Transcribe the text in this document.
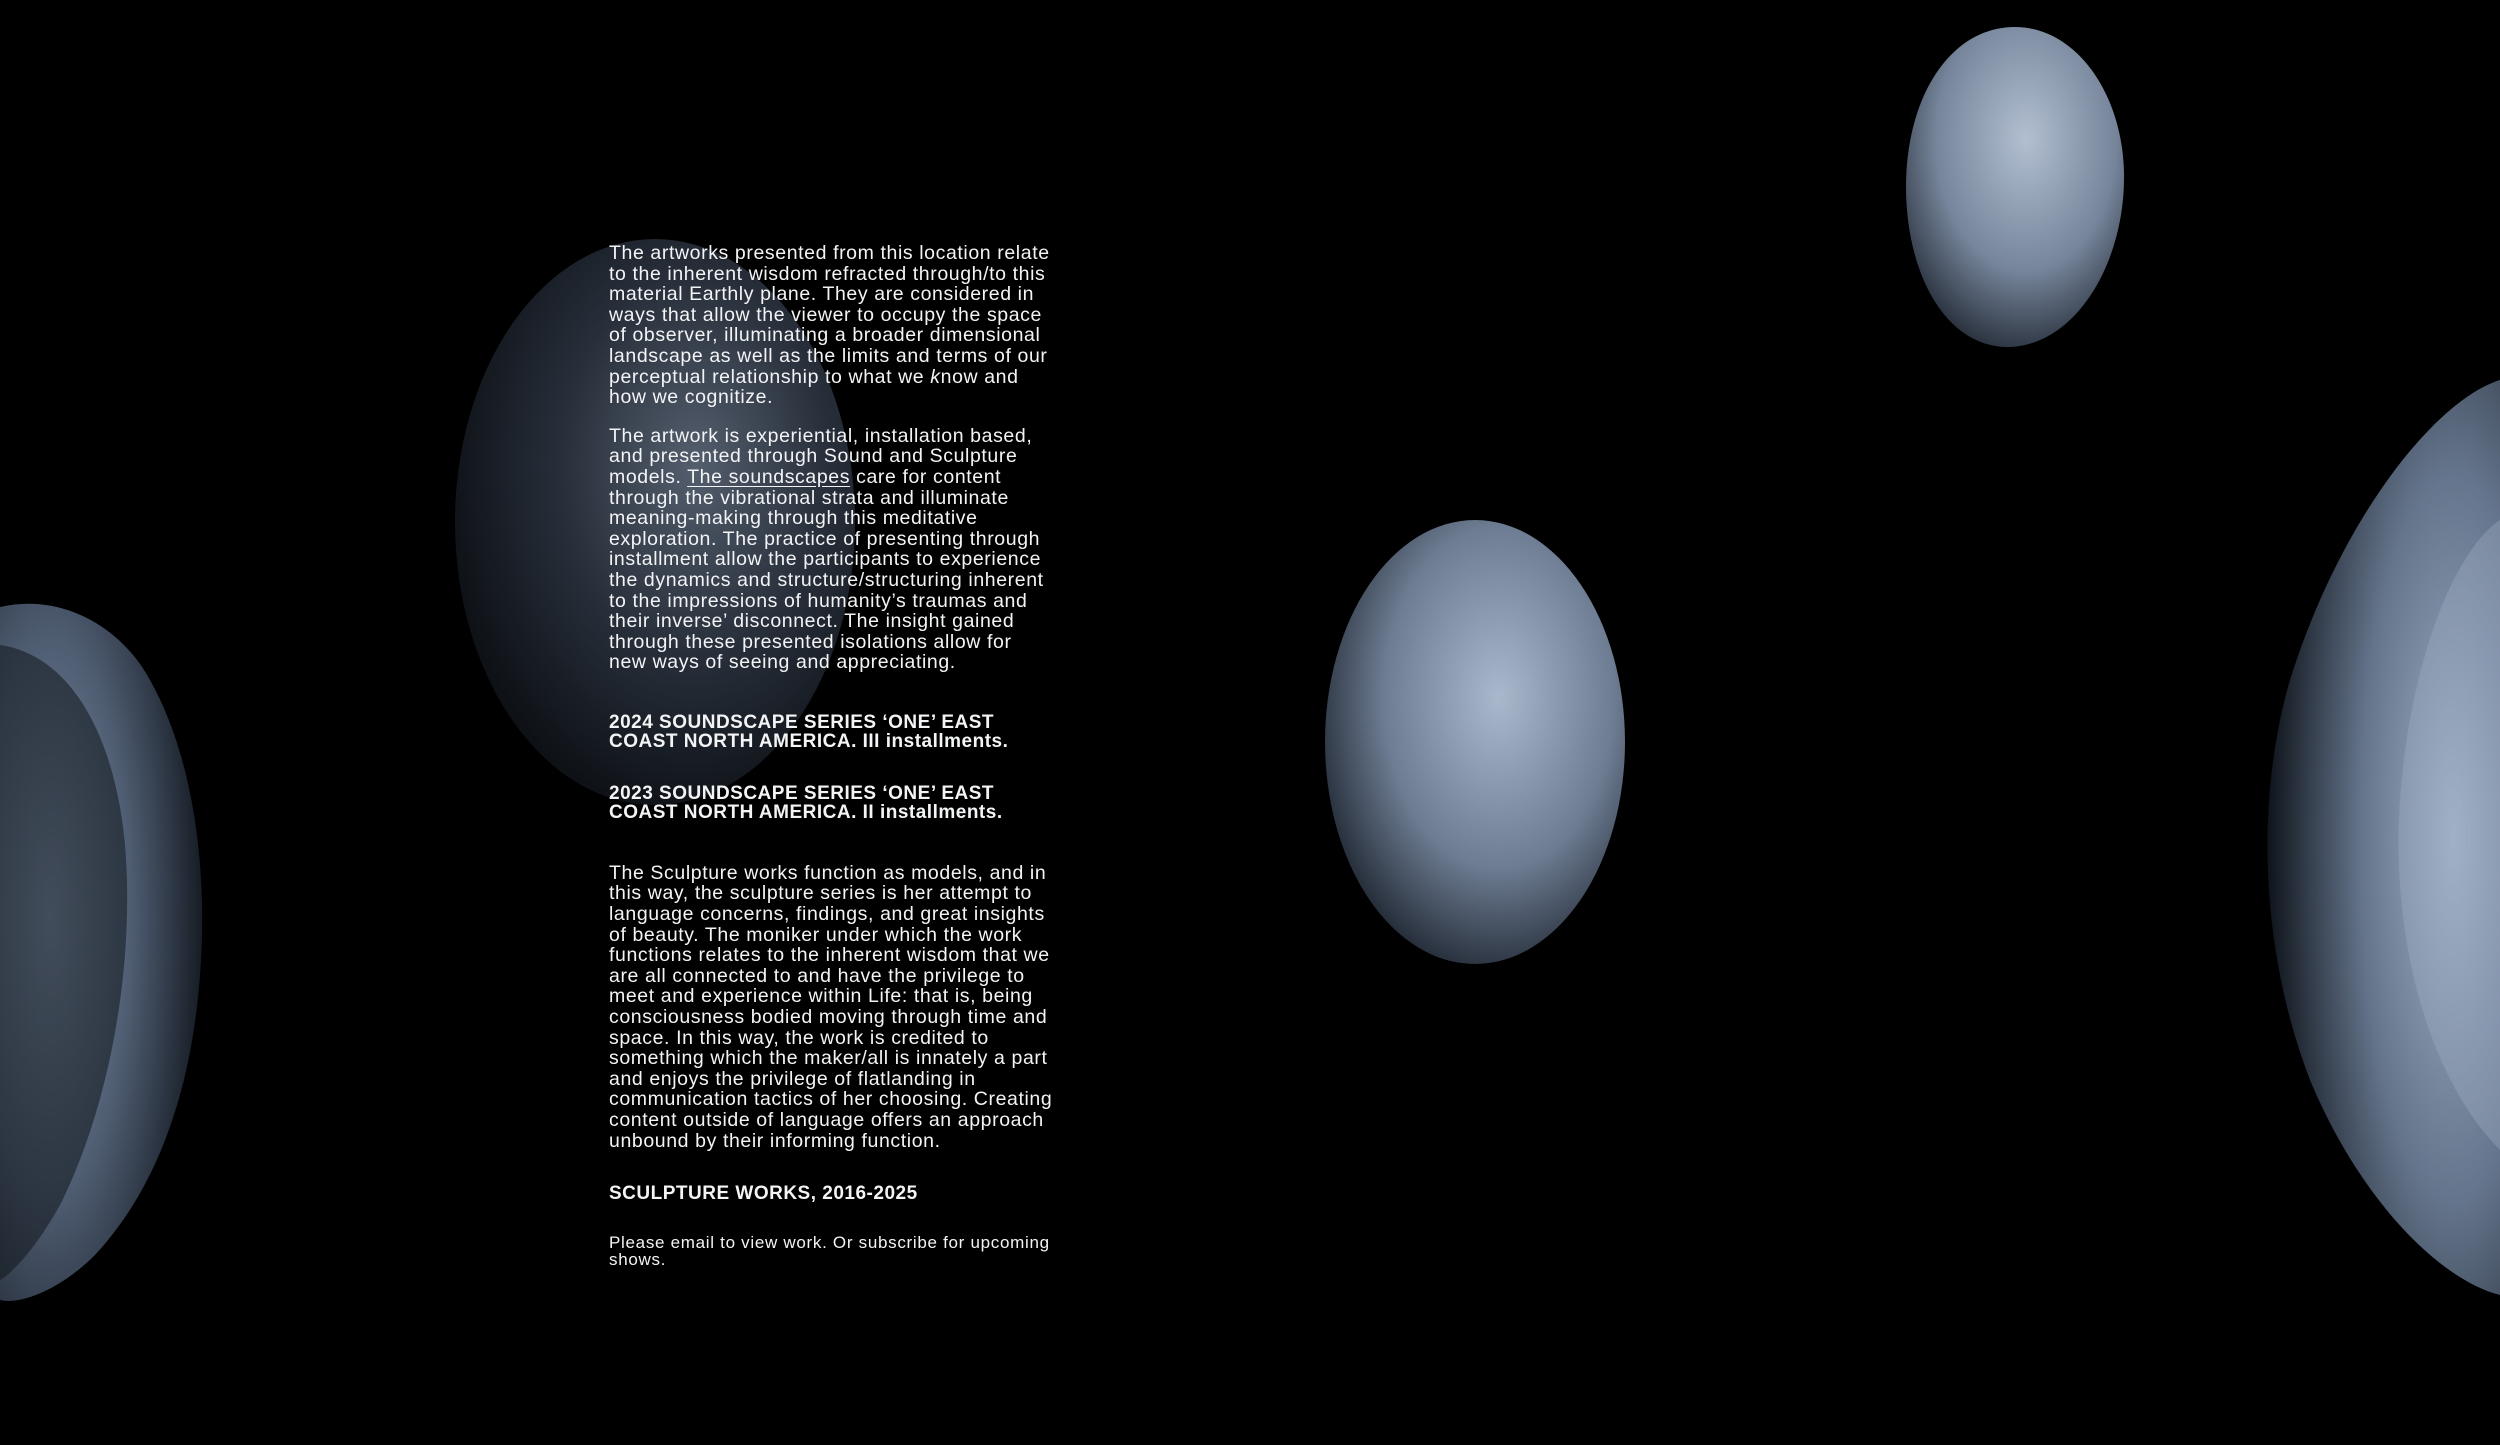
The artworks presented from this location relate to the inherent wisdom refracted through/to this material Earthly plane. They are considered in ways that allow the viewer to occupy the space of observer, illuminating a broader dimensional landscape as well as the limits and terms of our perceptual relationship to what we know and how we cognitize.

The artwork is experiential, installation based, and presented through Sound and Sculpture models. The soundscapes care for content through the vibrational strata and illuminate meaning-making through this meditative exploration. The practice of presenting through installment allow the participants to experience the dynamics and structure/structuring inherent to the impressions of humanity’s traumas and their inverse’ disconnect. The insight gained through these presented isolations allow for new ways of seeing and appreciating.

2024 SOUNDSCAPE SERIES ‘ONE’ EAST COAST NORTH AMERICA. III installments.

2023 SOUNDSCAPE SERIES ‘ONE’ EAST COAST NORTH AMERICA. II installments.

The Sculpture works function as models, and in this way, the sculpture series is her attempt to language concerns, findings, and great insights of beauty. The moniker under which the work functions relates to the inherent wisdom that we are all connected to and have the privilege to meet and experience within Life: that is, being consciousness bodied moving through time and space. In this way, the work is credited to something which the maker/all is innately a part and enjoys the privilege of flatlanding in communication tactics of her choosing. Creating content outside of language offers an approach unbound by their informing function.

SCULPTURE WORKS, 2016-2025

Please email to view work. Or subscribe for upcoming shows.
